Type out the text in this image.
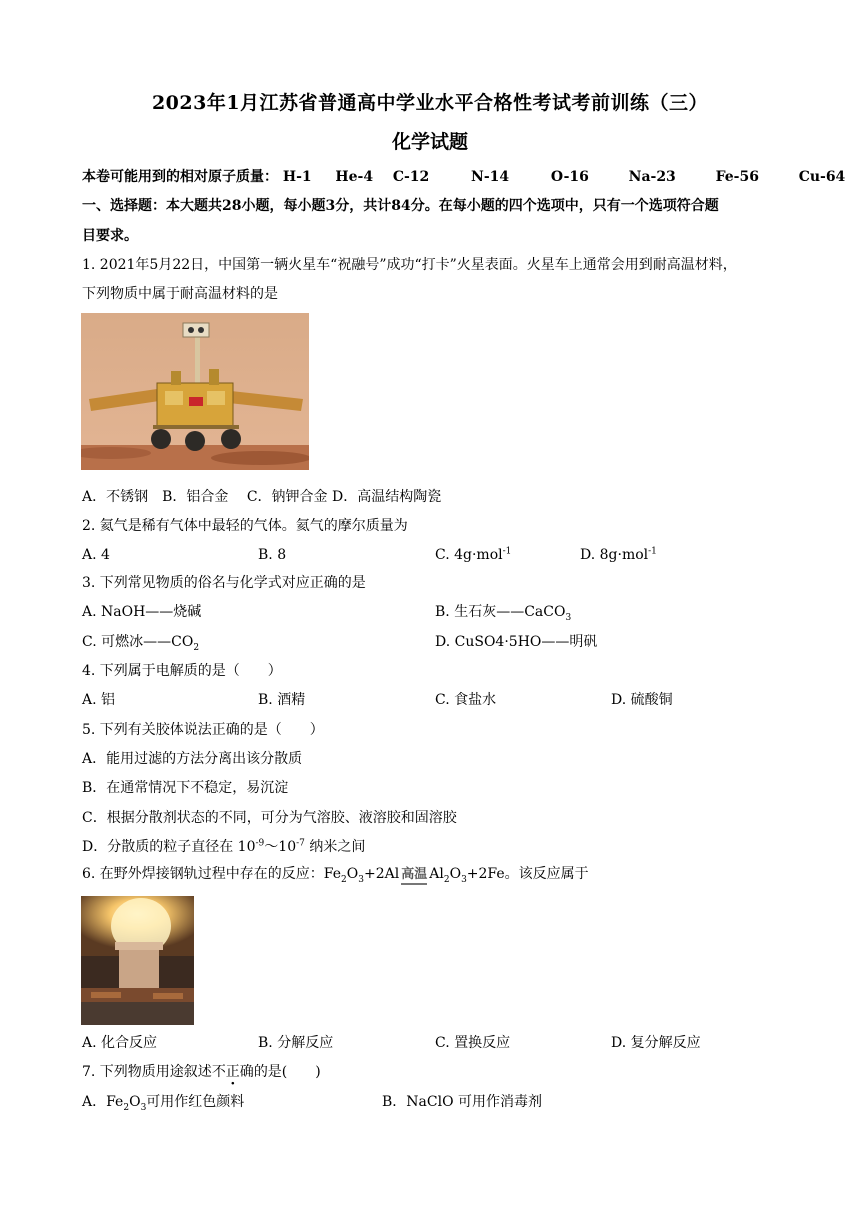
2023年1月江苏省普通高中学业水平合格性考试考前训练（三）
化学试题
本卷可能用到的相对原子质量： H-1 He-4 C-12	N-14	O-16	Na-23	Fe-56	Cu-64
一、选择题：本大题共28小题，每小题3分，共计84分。在每小题的四个选项中，只有一个选项符合题
目要求。
1. 2021年5月22日，中国第一辆火星车“祝融号”成功“打卡”火星表面。火星车上通常会用到耐高温材料，
下列物质中属于耐高温材料的是
A．不锈钢　B．铝合金　 C．钠钾合金 D．高温结构陶瓷
2. 氦气是稀有气体中最轻的气体。氦气的摩尔质量为
A. 4	B. 8	C. 4g·mol$^{-1}$	D. 8g·mol$^{-1}$
3. 下列常见物质的俗名与化学式对应正确的是
A. NaOH——烧碱	B. 生石灰——CaCO$_3$
C. 可燃冰$——CO_2$	D. CuSO4·5HO——明矾
4. 下列属于电解质的是（　　）
A. 铝	B. 酒精	C. 食盐水	D. 硫酸铜
5. 下列有关胶体说法正确的是（　　）
A．能用过滤的方法分离出该分散质
B．在通常情况下不稳定，易沉淀
C．根据分散剂状态的不同，可分为气溶胶、液溶胶和固溶胶
D．分散质的粒子直径在 $10^{-9}\sim 10^{-7}$ 纳米之间
6. 在野外焊接钢轨过程中存在的反应：$Fe_2O_3+2Al$ 高温 $Al_2O_3+2Fe$。该反应属于
A. 化合反应	B. 分解反应	C. 置换反应	D. 复分解反应
7. 下列物质用途叙述不正确的是(　　)
A．$Fe_2O_3$可用作红色颜料	B．NaClO 可用作消毒剂
